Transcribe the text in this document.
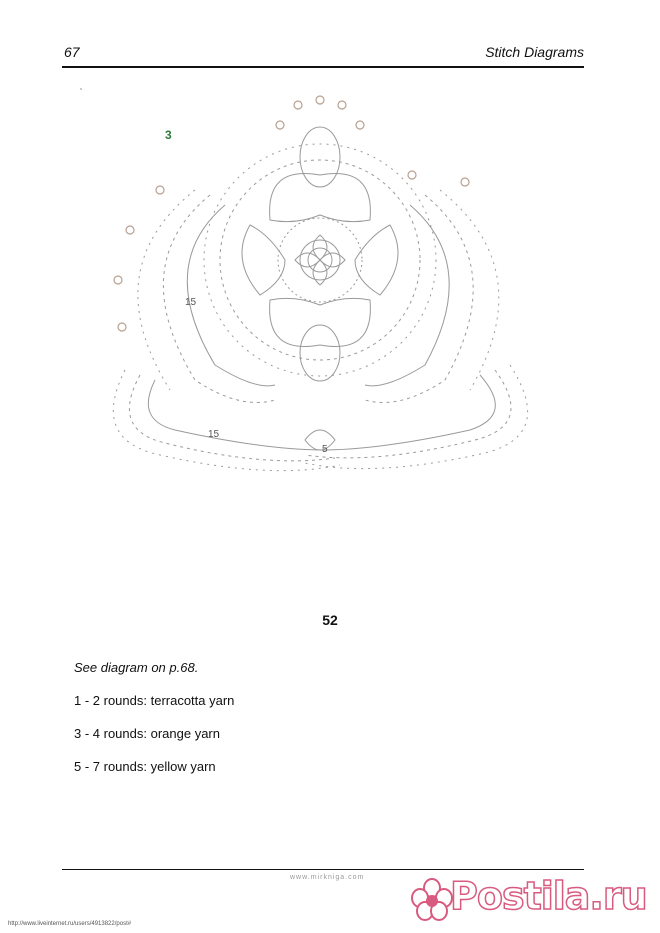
67	Stitch Diagrams
3
15
15
5
52
See diagram on p.68.
1 - 2 rounds: terracotta yarn
3 - 4 rounds: orange yarn
5 - 7 rounds: yellow yarn
www.mirkniga.com
http://www.liveinternet.ru/users/4913822/post#
Postila.ru
